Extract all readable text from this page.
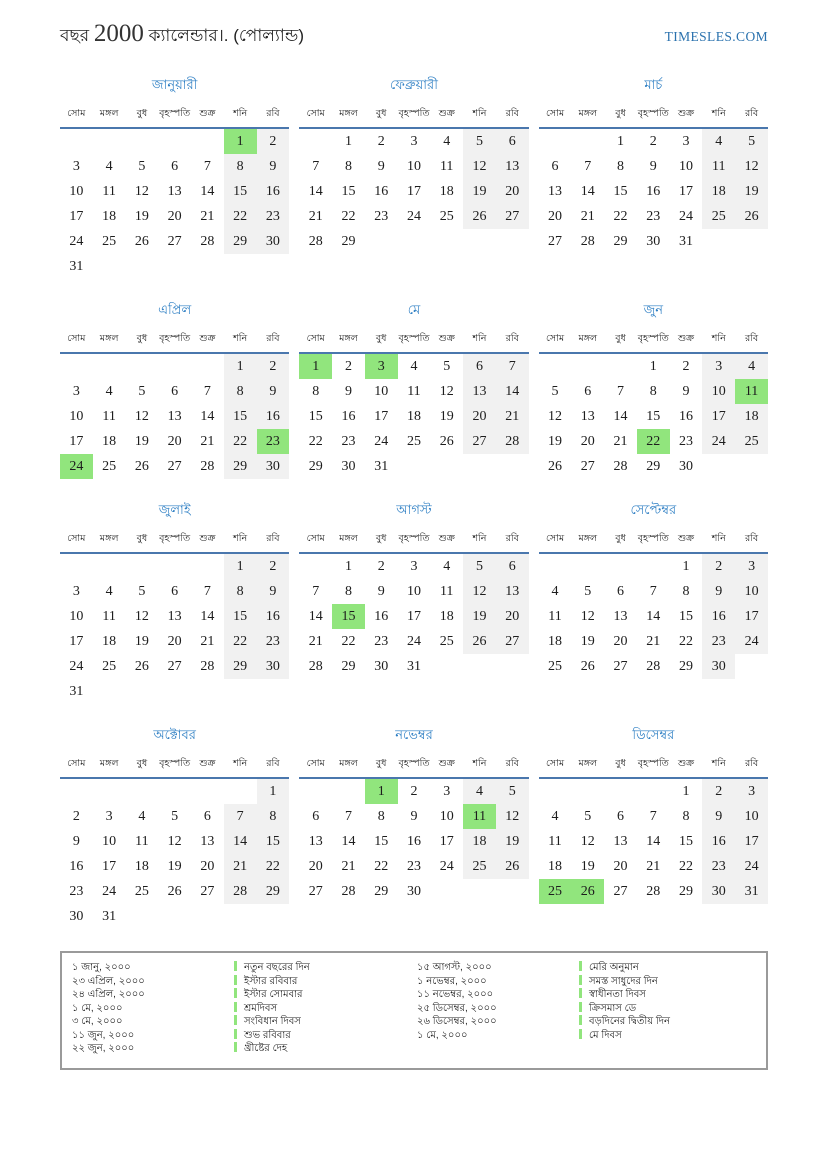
বছর 2000 ক্যালেন্ডার।. (পোল্যান্ড)	TIMESLES.COM
জানুয়ারী
সোম	মঙ্গল	বুধ	বৃহস্পতি	শুক্র	শনি	রবি
					1	2
3	4	5	6	7	8	9
10	11	12	13	14	15	16
17	18	19	20	21	22	23
24	25	26	27	28	29	30
31						
ফেব্রুয়ারী
সোম	মঙ্গল	বুধ	বৃহস্পতি	শুক্র	শনি	রবি
	1	2	3	4	5	6
7	8	9	10	11	12	13
14	15	16	17	18	19	20
21	22	23	24	25	26	27
28	29					
মার্চ
সোম	মঙ্গল	বুধ	বৃহস্পতি	শুক্র	শনি	রবি
		1	2	3	4	5
6	7	8	9	10	11	12
13	14	15	16	17	18	19
20	21	22	23	24	25	26
27	28	29	30	31		
এপ্রিল
সোম	মঙ্গল	বুধ	বৃহস্পতি	শুক্র	শনি	রবি
					1	2
3	4	5	6	7	8	9
10	11	12	13	14	15	16
17	18	19	20	21	22	23
24	25	26	27	28	29	30
মে
সোম	মঙ্গল	বুধ	বৃহস্পতি	শুক্র	শনি	রবি
1	2	3	4	5	6	7
8	9	10	11	12	13	14
15	16	17	18	19	20	21
22	23	24	25	26	27	28
29	30	31				
জুন
সোম	মঙ্গল	বুধ	বৃহস্পতি	শুক্র	শনি	রবি
			1	2	3	4
5	6	7	8	9	10	11
12	13	14	15	16	17	18
19	20	21	22	23	24	25
26	27	28	29	30		
জুলাই
সোম	মঙ্গল	বুধ	বৃহস্পতি	শুক্র	শনি	রবি
					1	2
3	4	5	6	7	8	9
10	11	12	13	14	15	16
17	18	19	20	21	22	23
24	25	26	27	28	29	30
31						
আগস্ট
সোম	মঙ্গল	বুধ	বৃহস্পতি	শুক্র	শনি	রবি
	1	2	3	4	5	6
7	8	9	10	11	12	13
14	15	16	17	18	19	20
21	22	23	24	25	26	27
28	29	30	31			
সেপ্টেম্বর
সোম	মঙ্গল	বুধ	বৃহস্পতি	শুক্র	শনি	রবি
				1	2	3
4	5	6	7	8	9	10
11	12	13	14	15	16	17
18	19	20	21	22	23	24
25	26	27	28	29	30	
অক্টোবর
সোম	মঙ্গল	বুধ	বৃহস্পতি	শুক্র	শনি	রবি
						1
2	3	4	5	6	7	8
9	10	11	12	13	14	15
16	17	18	19	20	21	22
23	24	25	26	27	28	29
30	31					
নভেম্বর
সোম	মঙ্গল	বুধ	বৃহস্পতি	শুক্র	শনি	রবি
		1	2	3	4	5
6	7	8	9	10	11	12
13	14	15	16	17	18	19
20	21	22	23	24	25	26
27	28	29	30			
ডিসেম্বর
সোম	মঙ্গল	বুধ	বৃহস্পতি	শুক্র	শনি	রবি
				1	2	3
4	5	6	7	8	9	10
11	12	13	14	15	16	17
18	19	20	21	22	23	24
25	26	27	28	29	30	31
১ জানু, ২০০০	নতুন বছরের দিন
২৩ এপ্রিল, ২০০০	ইস্টার রবিবার
২৪ এপ্রিল, ২০০০	ইস্টার সোমবার
১ মে, ২০০০	শ্রমদিবস
৩ মে, ২০০০	সংবিধান দিবস
১১ জুন, ২০০০	শুভ রবিবার
২২ জুন, ২০০০	খ্রীষ্টের দেহ
১৫ আগস্ট, ২০০০	মেরি অনুমান
১ নভেম্বর, ২০০০	সমস্ত সাধুদের দিন
১১ নভেম্বর, ২০০০	স্বাধীনতা দিবস
২৫ ডিসেম্বর, ২০০০	ক্রিসমাস ডে
২৬ ডিসেম্বর, ২০০০	বড়দিনের দ্বিতীয় দিন
১ মে, ২০০০	মে দিবস
